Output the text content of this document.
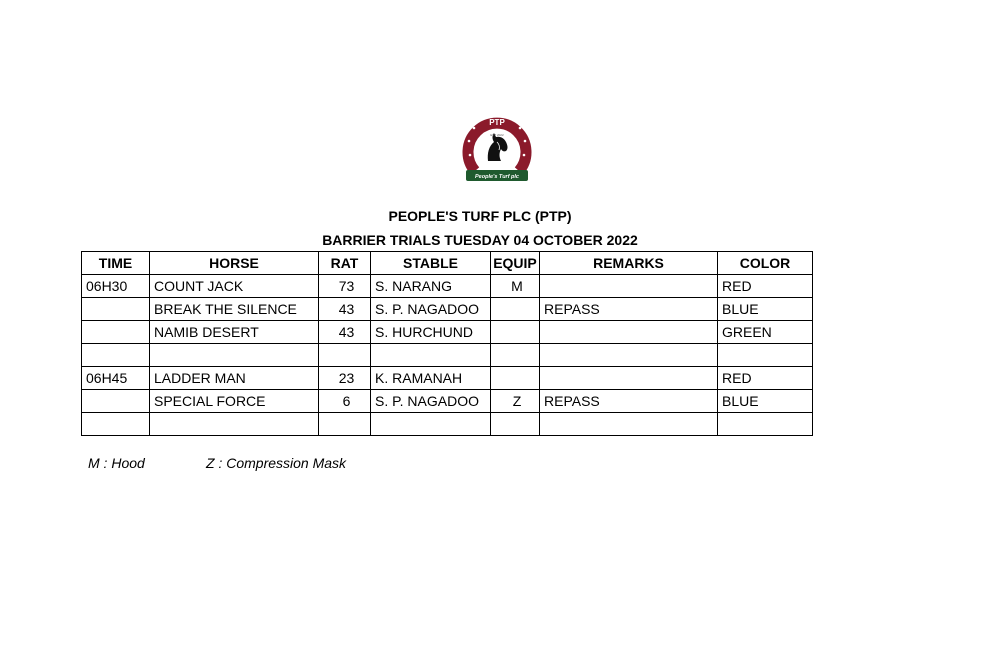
PTP
EST 2022
People's Turf plc
PEOPLE'S TURF PLC (PTP)
BARRIER TRIALS TUESDAY 04 OCTOBER 2022
TIME	HORSE	RAT	STABLE	EQUIP	REMARKS	COLOR
06H30	COUNT JACK	73	S. NARANG	M		RED
	BREAK THE SILENCE	43	S. P. NAGADOO		REPASS	BLUE
	NAMIB DESERT	43	S. HURCHUND			GREEN

06H45	LADDER MAN	23	K. RAMANAH			RED
	SPECIAL FORCE	6	S. P. NAGADOO	Z	REPASS	BLUE

M : Hood	Z : Compression Mask
